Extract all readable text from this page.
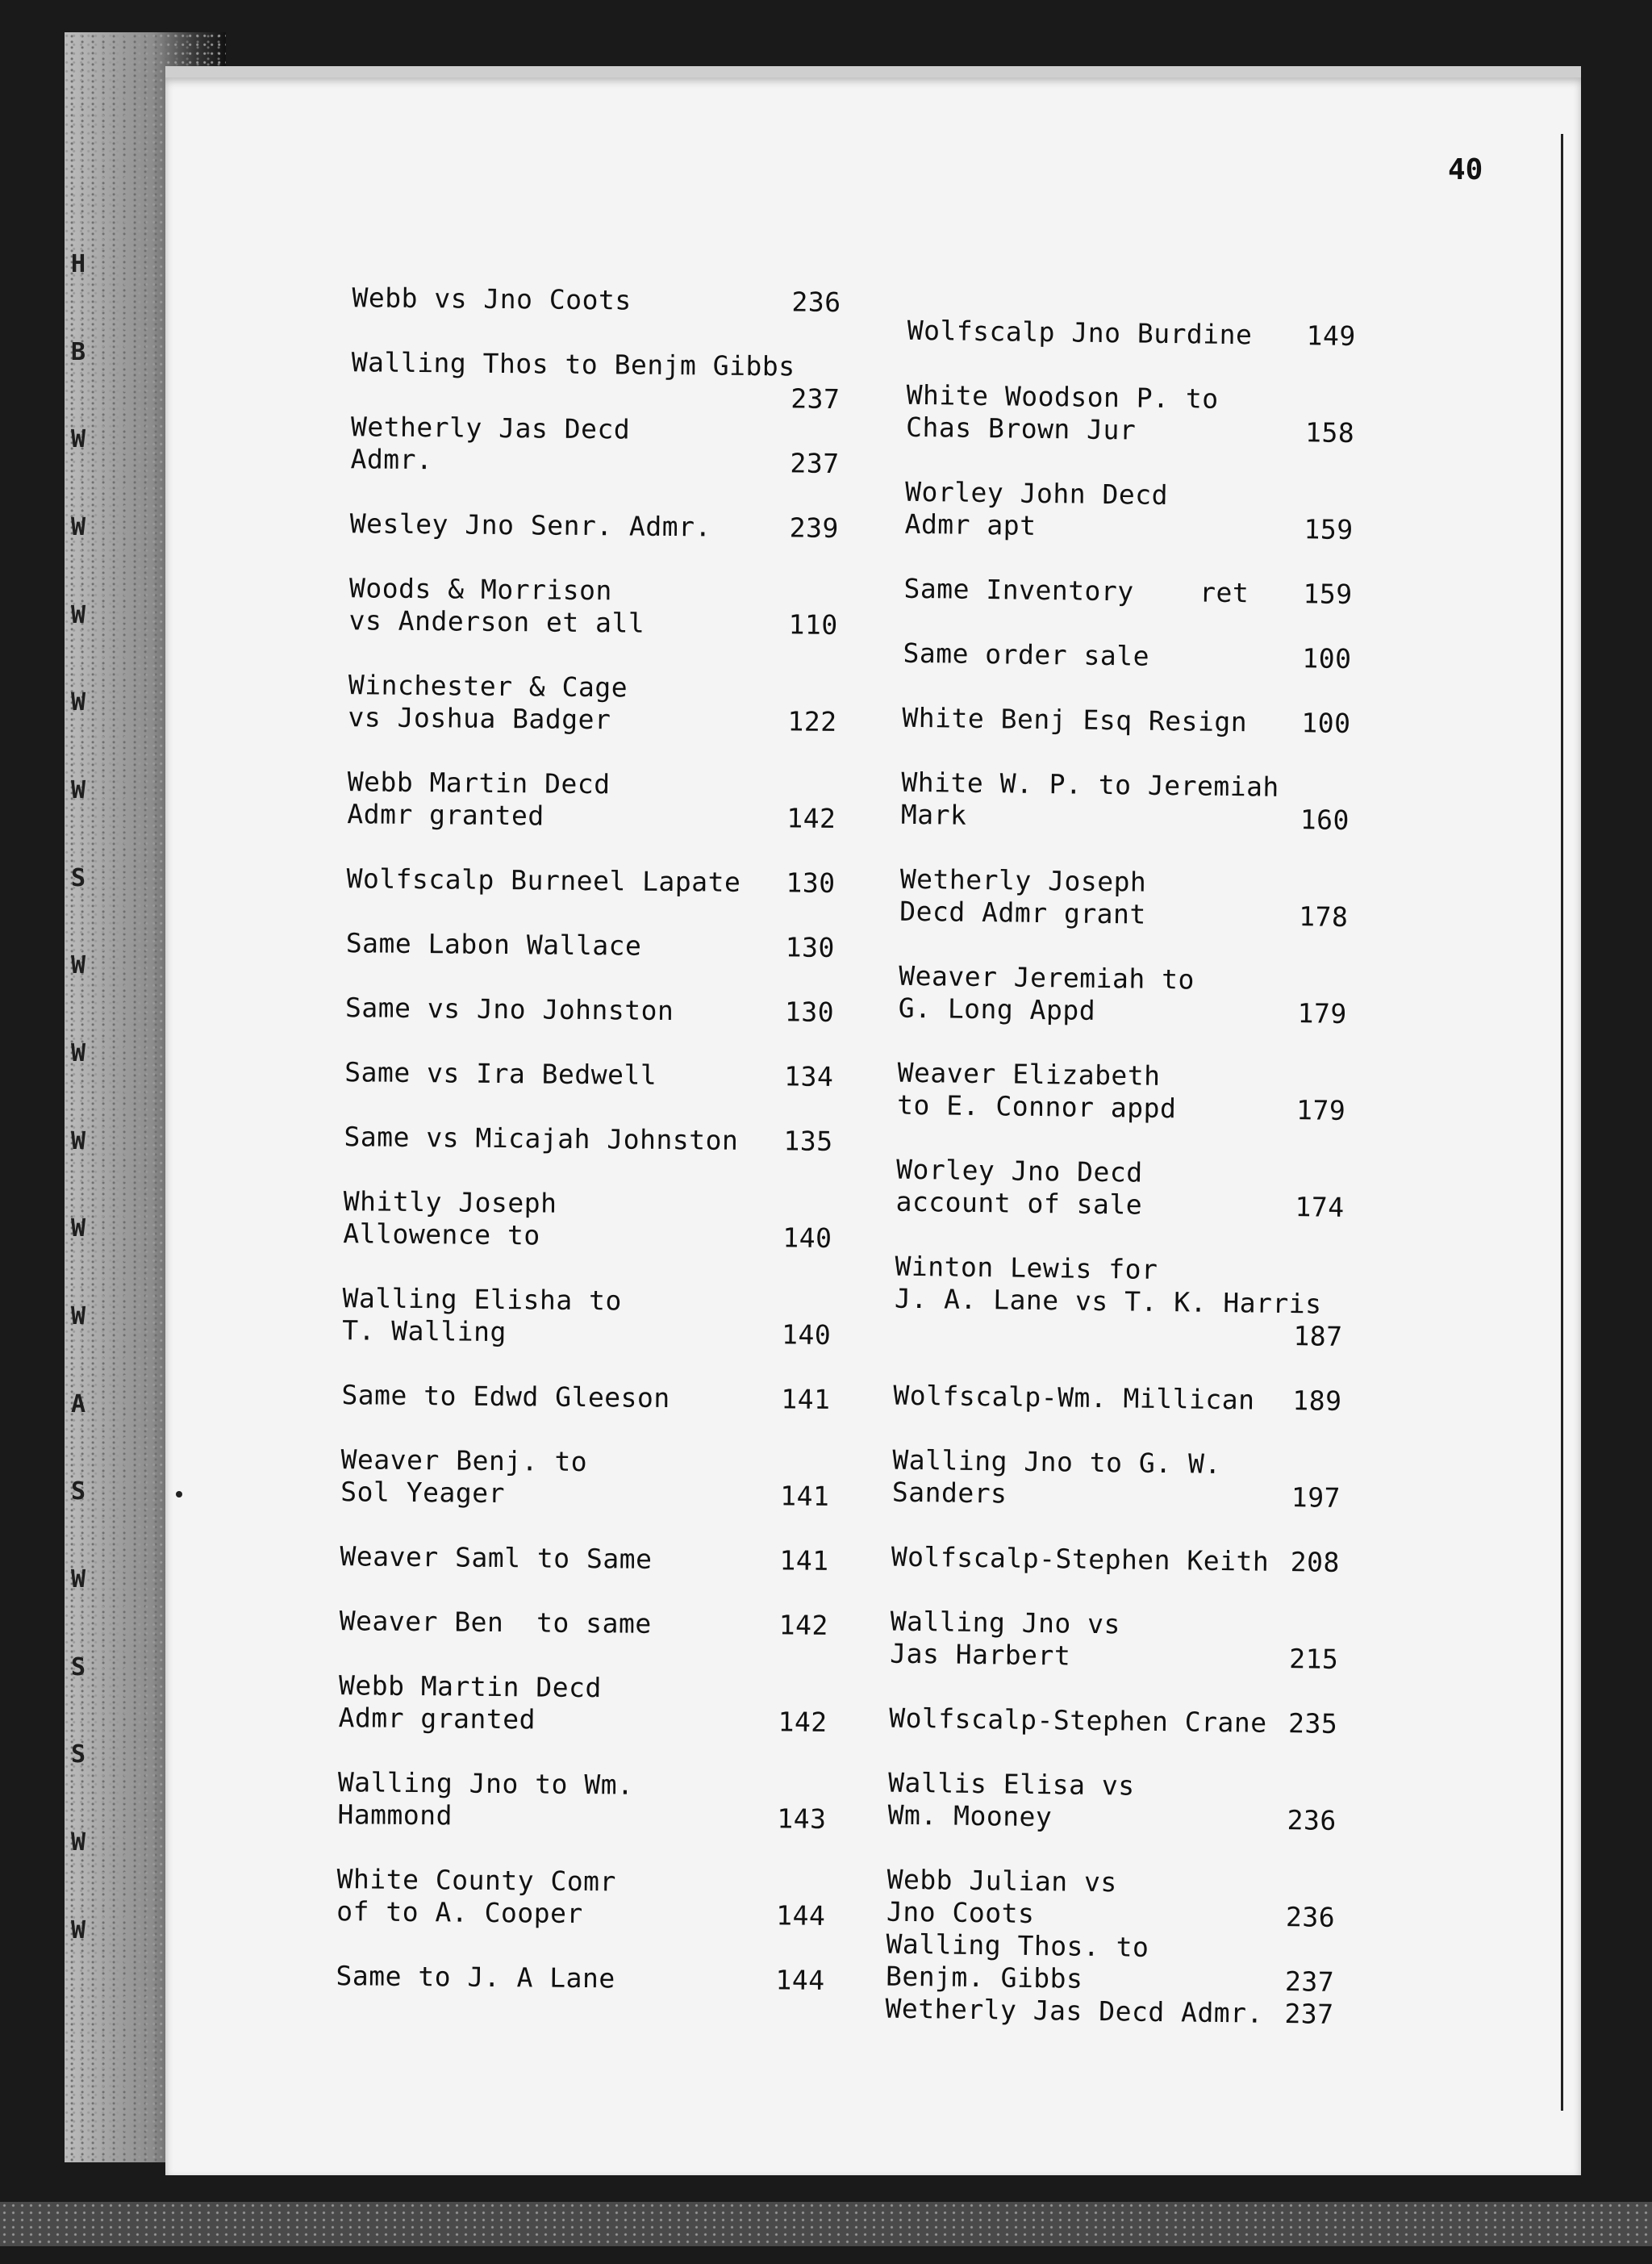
H
B
W
W
W
W
W
S
W
W
W
W
W
A
S
W
S
S
W
W
40
Webb vs Jno Coots	236
Walling Thos to Benjm Gibbs
237
Wetherly Jas Decd
Admr.	237
Wesley Jno Senr. Admr.	239
Woods & Morrison
vs Anderson et all	110
Winchester & Cage
vs Joshua Badger	122
Webb Martin Decd
Admr granted	142
Wolfscalp Burneel Lapate 130
Same Labon Wallace	130
Same vs Jno Johnston	130
Same vs Ira Bedwell	134
Same vs Micajah Johnston 135
Whitly Joseph
Allowence to	140
Walling Elisha to
T. Walling	140
Same to Edwd Gleeson	141
Weaver Benj. to
Sol Yeager	141
Weaver Saml to Same	141
Weaver Ben  to same	142
Webb Martin Decd
Admr granted	142
Walling Jno to Wm.
Hammond	143
White County Comr
of to A. Cooper	144
Same to J. A Lane	144
Wolfscalp Jno Burdine 149
White Woodson P. to
Chas Brown Jur	158
Worley John Decd
Admr apt	159
Same Inventory    ret 159
Same order sale	100
White Benj Esq Resign 100
White W. P. to Jeremiah
Mark	160
Wetherly Joseph
Decd Admr grant	178
Weaver Jeremiah to
G. Long Appd	179
Weaver Elizabeth
to E. Connor appd	179
Worley Jno Decd
account of sale	174
Winton Lewis for
J. A. Lane vs T. K. Harris
187
Wolfscalp-Wm. Millican 189
Walling Jno to G. W.
Sanders	197
Wolfscalp-Stephen Keith 208
Walling Jno vs
Jas Harbert	215
Wolfscalp-Stephen Crane 235
Wallis Elisa vs
Wm. Mooney	236
Webb Julian vs
Jno Coots	236
Walling Thos. to
Benjm. Gibbs	237
Wetherly Jas Decd Admr. 237
